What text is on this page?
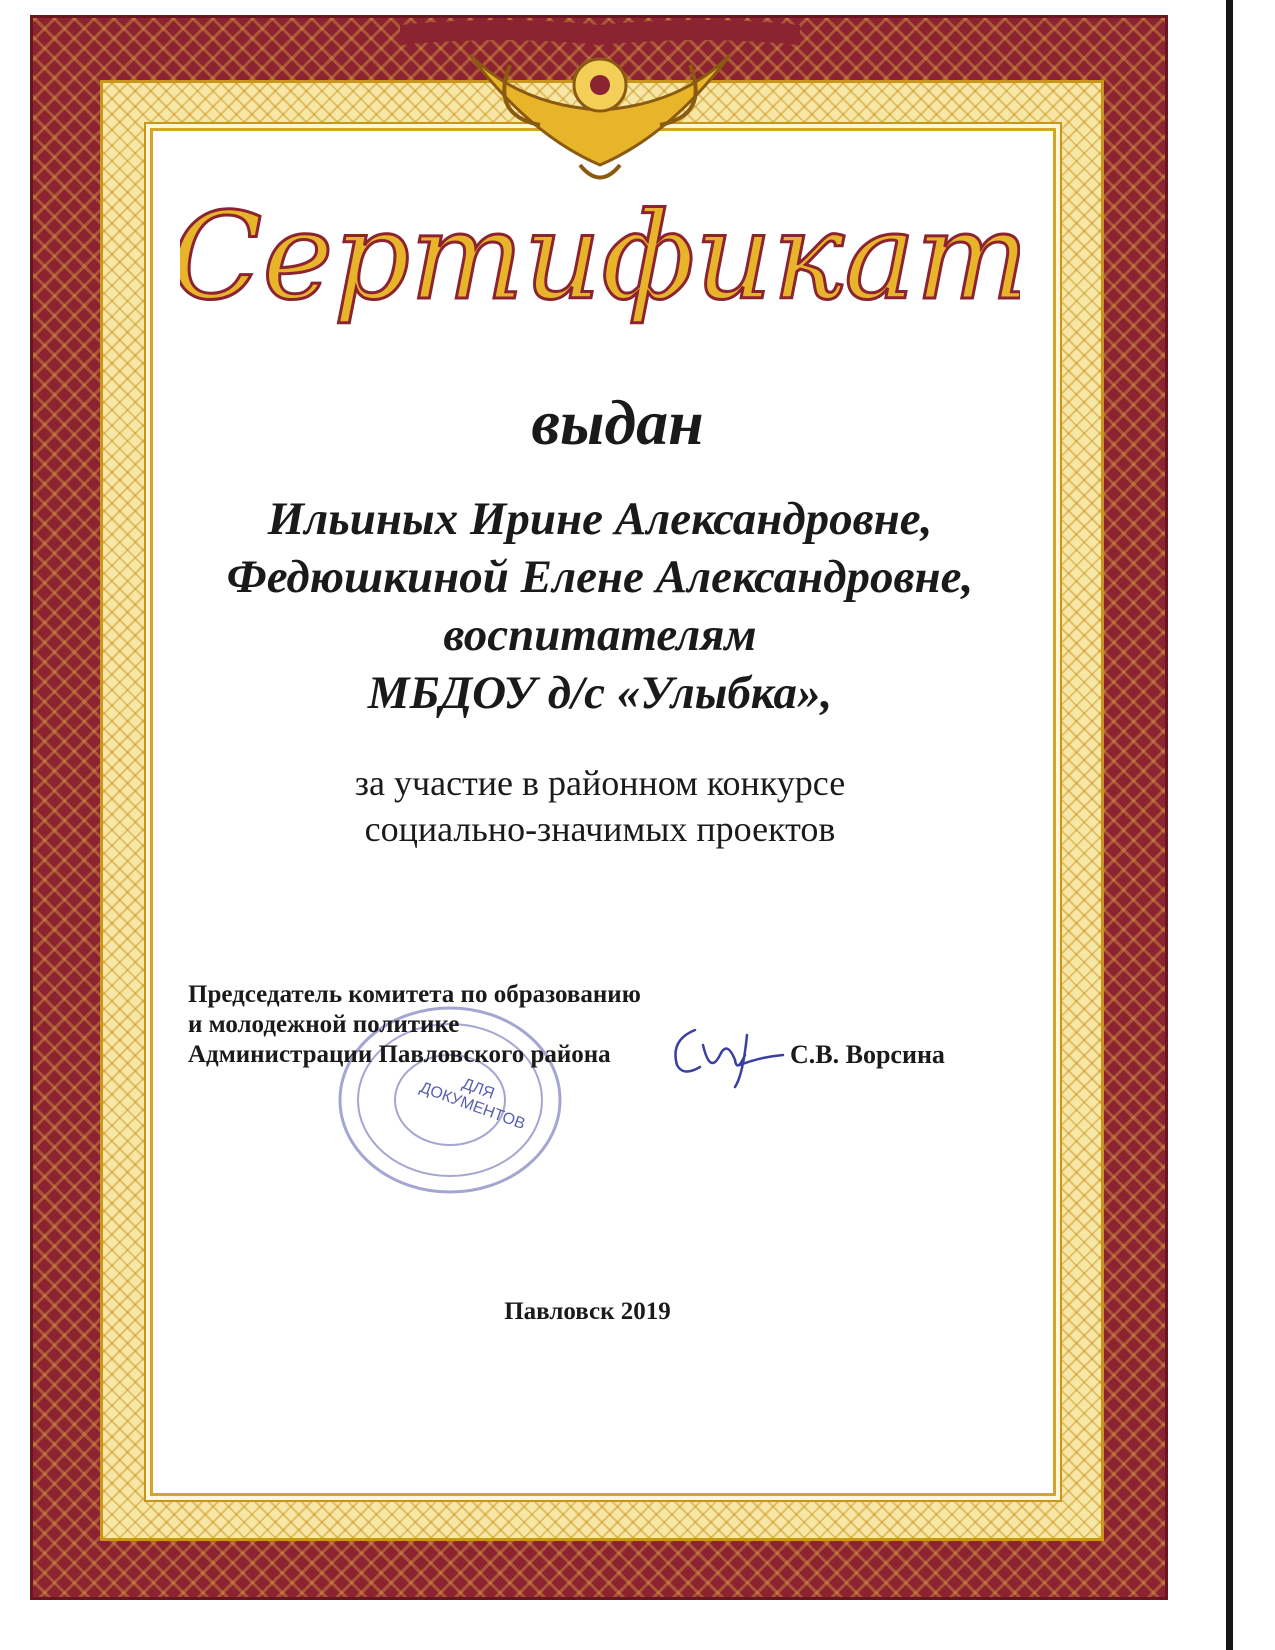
Сертификат
выдан
Ильиных Ирине Александровне,
Федюшкиной Елене Александровне,
воспитателям
МБДОУ д/с «Улыбка»,
за участие в районном конкурсе
социально-значимых проектов
ДЛЯ ДОКУМЕНТОВ
Председатель комитета по образованию
и молодежной политике
Администрации Павловского района	С.В. Ворсина
Павловск 2019
